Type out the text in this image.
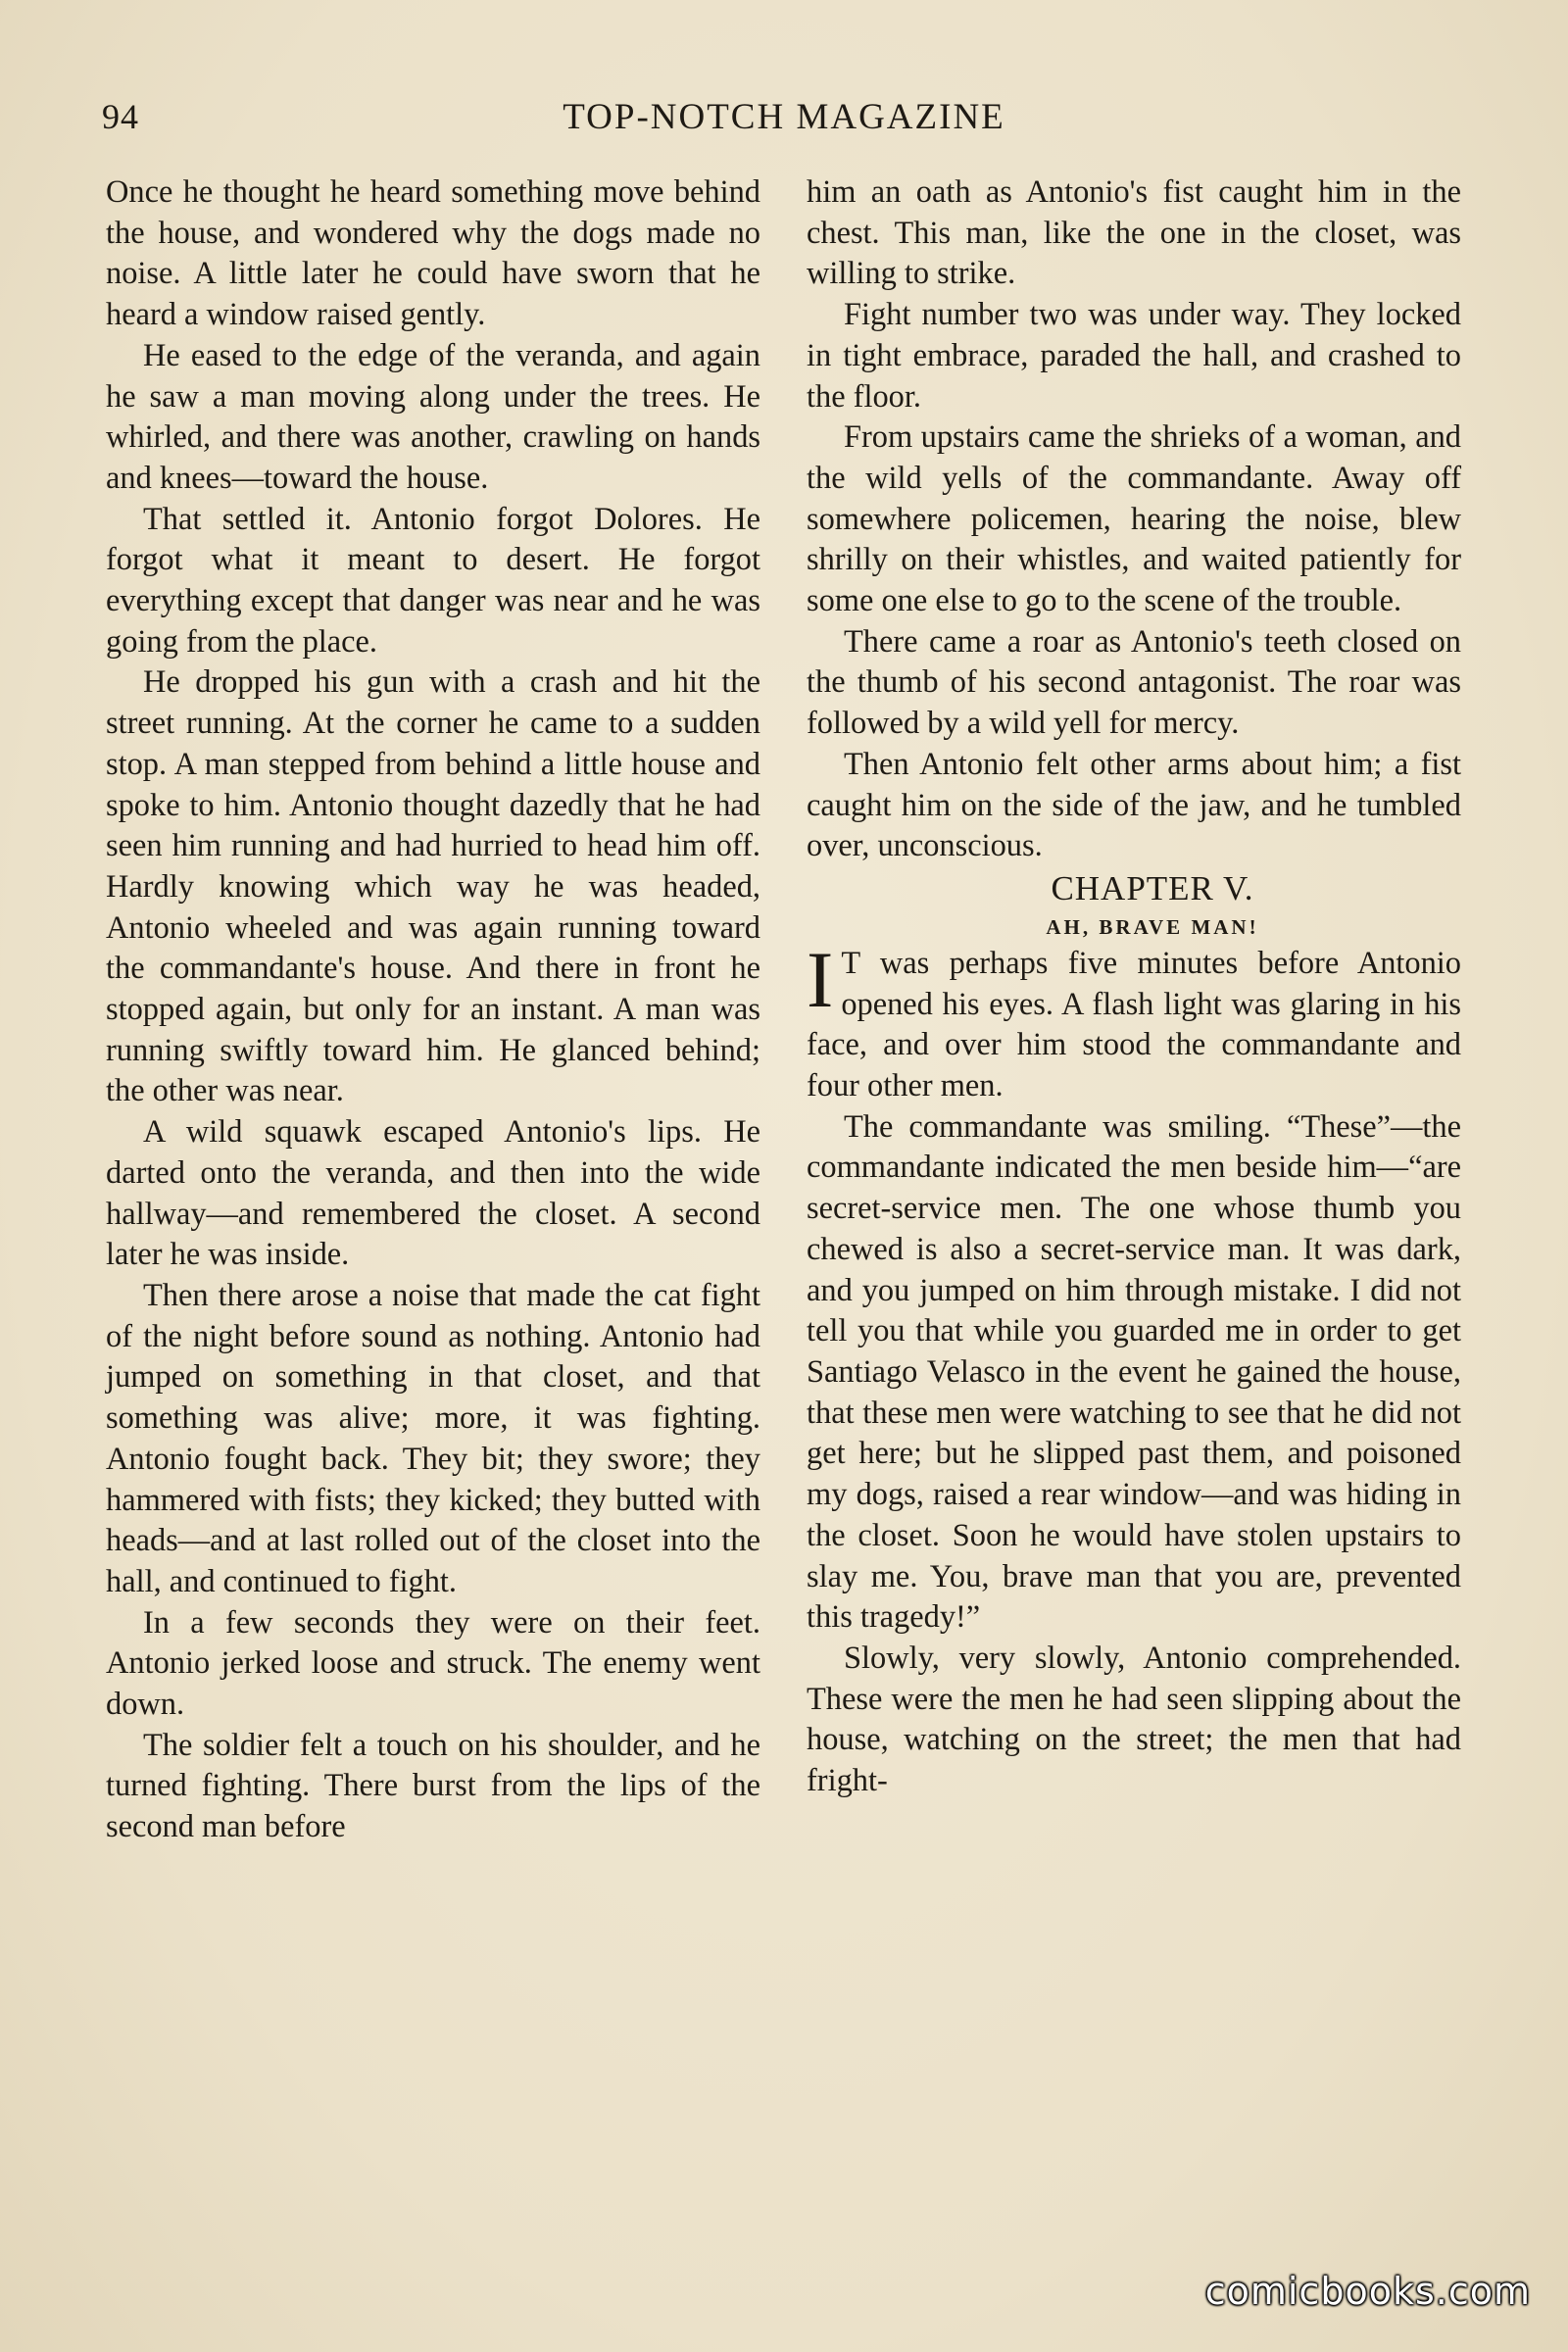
94	TOP-NOTCH MAGAZINE

Once he thought he heard something move behind the house, and wondered why the dogs made no noise. A little later he could have sworn that he heard a window raised gently.

He eased to the edge of the veranda, and again he saw a man moving along under the trees. He whirled, and there was another, crawling on hands and knees—toward the house.

That settled it. Antonio forgot Dolores. He forgot what it meant to desert. He forgot everything except that danger was near and he was going from the place.

He dropped his gun with a crash and hit the street running. At the corner he came to a sudden stop. A man stepped from behind a little house and spoke to him. Antonio thought dazedly that he had seen him running and had hurried to head him off. Hardly knowing which way he was headed, Antonio wheeled and was again running toward the commandante's house. And there in front he stopped again, but only for an instant. A man was running swiftly toward him. He glanced behind; the other was near.

A wild squawk escaped Antonio's lips. He darted onto the veranda, and then into the wide hallway—and remembered the closet. A second later he was inside.

Then there arose a noise that made the cat fight of the night before sound as nothing. Antonio had jumped on something in that closet, and that something was alive; more, it was fighting. Antonio fought back. They bit; they swore; they hammered with fists; they kicked; they butted with heads—and at last rolled out of the closet into the hall, and continued to fight.

In a few seconds they were on their feet. Antonio jerked loose and struck. The enemy went down.

The soldier felt a touch on his shoulder, and he turned fighting. There burst from the lips of the second man before

him an oath as Antonio's fist caught him in the chest. This man, like the one in the closet, was willing to strike.

Fight number two was under way. They locked in tight embrace, paraded the hall, and crashed to the floor.

From upstairs came the shrieks of a woman, and the wild yells of the commandante. Away off somewhere policemen, hearing the noise, blew shrilly on their whistles, and waited patiently for some one else to go to the scene of the trouble.

There came a roar as Antonio's teeth closed on the thumb of his second antagonist. The roar was followed by a wild yell for mercy.

Then Antonio felt other arms about him; a fist caught him on the side of the jaw, and he tumbled over, unconscious.

CHAPTER V.

AH, BRAVE MAN!

I T was perhaps five minutes before Antonio opened his eyes. A flash light was glaring in his face, and over him stood the commandante and four other men.

The commandante was smiling. “These”—the commandante indicated the men beside him—“are secret-service men. The one whose thumb you chewed is also a secret-service man. It was dark, and you jumped on him through mistake. I did not tell you that while you guarded me in order to get Santiago Velasco in the event he gained the house, that these men were watching to see that he did not get here; but he slipped past them, and poisoned my dogs, raised a rear window—and was hiding in the closet. Soon he would have stolen upstairs to slay me. You, brave man that you are, prevented this tragedy!”

Slowly, very slowly, Antonio comprehended. These were the men he had seen slipping about the house, watching on the street; the men that had fright-

comicbooks.com
